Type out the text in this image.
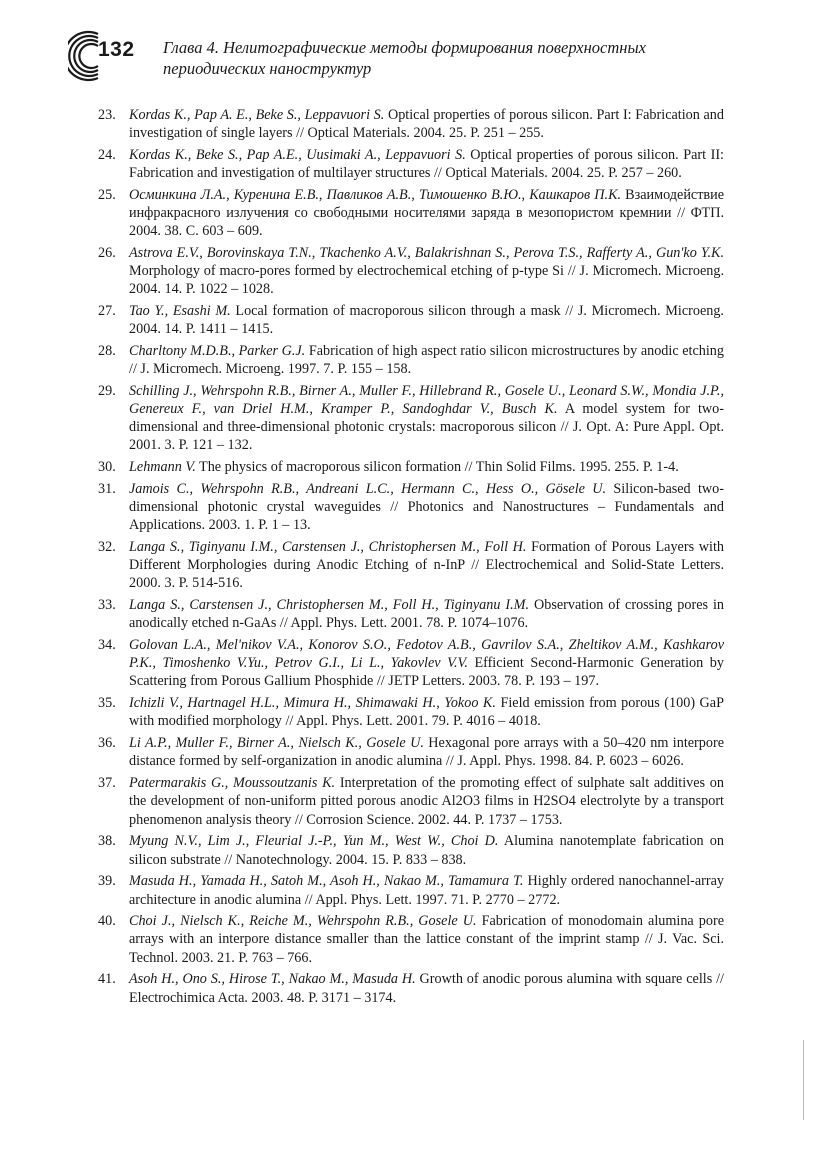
132 Глава 4. Нелитографические методы формирования поверхностных
периодических наноструктур
23. Kordas K., Pap A. E., Beke S., Leppavuori S. Optical properties of porous silicon. Part I: Fabrication and investigation of single layers // Optical Materials. 2004. 25. P. 251 – 255.
24. Kordas K., Beke S., Pap A.E., Uusimaki A., Leppavuori S. Optical properties of porous silicon. Part II: Fabrication and investigation of multilayer structures // Optical Materials. 2004. 25. P. 257 – 260.
25. Осминкина Л.А., Куренина Е.В., Павликов А.В., Тимошенко В.Ю., Кашкаров П.К. Взаимодействие инфракрасного излучения со свободными носителями заряда в мезопористом кремнии // ФТП. 2004. 38. С. 603 – 609.
26. Astrova E.V., Borovinskaya T.N., Tkachenko A.V., Balakrishnan S., Perova T.S., Rafferty A., Gun'ko Y.K. Morphology of macro-pores formed by electrochemical etching of p-type Si // J. Micromech. Microeng. 2004. 14. P. 1022 – 1028.
27. Tao Y., Esashi M. Local formation of macroporous silicon through a mask // J. Micromech. Microeng. 2004. 14. P. 1411 – 1415.
28. Charltony M.D.B., Parker G.J. Fabrication of high aspect ratio silicon microstructures by anodic etching // J. Micromech. Microeng. 1997. 7. P. 155 – 158.
29. Schilling J., Wehrspohn R.B., Birner A., Muller F., Hillebrand R., Gosele U., Leonard S.W., Mondia J.P., Genereux F., van Driel H.M., Kramper P., Sandoghdar V., Busch K. A model system for two-dimensional and three-dimensional photonic crystals: macroporous silicon // J. Opt. A: Pure Appl. Opt. 2001. 3. P. 121 – 132.
30. Lehmann V. The physics of macroporous silicon formation // Thin Solid Films. 1995. 255. P. 1-4.
31. Jamois C., Wehrspohn R.B., Andreani L.C., Hermann C., Hess O., Gösele U. Silicon-based two-dimensional photonic crystal waveguides // Photonics and Nanostructures – Fundamentals and Applications. 2003. 1. P. 1 – 13.
32. Langa S., Tiginyanu I.M., Carstensen J., Christophersen M., Foll H. Formation of Porous Layers with Different Morphologies during Anodic Etching of n-InP // Electrochemical and Solid-State Letters. 2000. 3. P. 514-516.
33. Langa S., Carstensen J., Christophersen M., Foll H., Tiginyanu I.M. Observation of crossing pores in anodically etched n-GaAs // Appl. Phys. Lett. 2001. 78. P. 1074–1076.
34. Golovan L.A., Mel'nikov V.A., Konorov S.O., Fedotov A.B., Gavrilov S.A., Zheltikov A.M., Kashkarov P.K., Timoshenko V.Yu., Petrov G.I., Li L., Yakovlev V.V. Efficient Second-Harmonic Generation by Scattering from Porous Gallium Phosphide // JETP Letters. 2003. 78. P. 193 – 197.
35. Ichizli V., Hartnagel H.L., Mimura H., Shimawaki H., Yokoo K. Field emission from porous (100) GaP with modified morphology // Appl. Phys. Lett. 2001. 79. P. 4016 – 4018.
36. Li A.P., Muller F., Birner A., Nielsch K., Gosele U. Hexagonal pore arrays with a 50–420 nm interpore distance formed by self-organization in anodic alumina // J. Appl. Phys. 1998. 84. P. 6023 – 6026.
37. Patermarakis G., Moussoutzanis K. Interpretation of the promoting effect of sulphate salt additives on the development of non-uniform pitted porous anodic Al2O3 films in H2SO4 electrolyte by a transport phenomenon analysis theory // Corrosion Science. 2002. 44. P. 1737 – 1753.
38. Myung N.V., Lim J., Fleurial J.-P., Yun M., West W., Choi D. Alumina nanotemplate fabrication on silicon substrate // Nanotechnology. 2004. 15. P. 833 – 838.
39. Masuda H., Yamada H., Satoh M., Asoh H., Nakao M., Tamamura T. Highly ordered nanochannel-array architecture in anodic alumina // Appl. Phys. Lett. 1997. 71. P. 2770 – 2772.
40. Choi J., Nielsch K., Reiche M., Wehrspohn R.B., Gosele U. Fabrication of monodomain alumina pore arrays with an interpore distance smaller than the lattice constant of the imprint stamp // J. Vac. Sci. Technol. 2003. 21. P. 763 – 766.
41. Asoh H., Ono S., Hirose T., Nakao M., Masuda H. Growth of anodic porous alumina with square cells // Electrochimica Acta. 2003. 48. P. 3171 – 3174.
